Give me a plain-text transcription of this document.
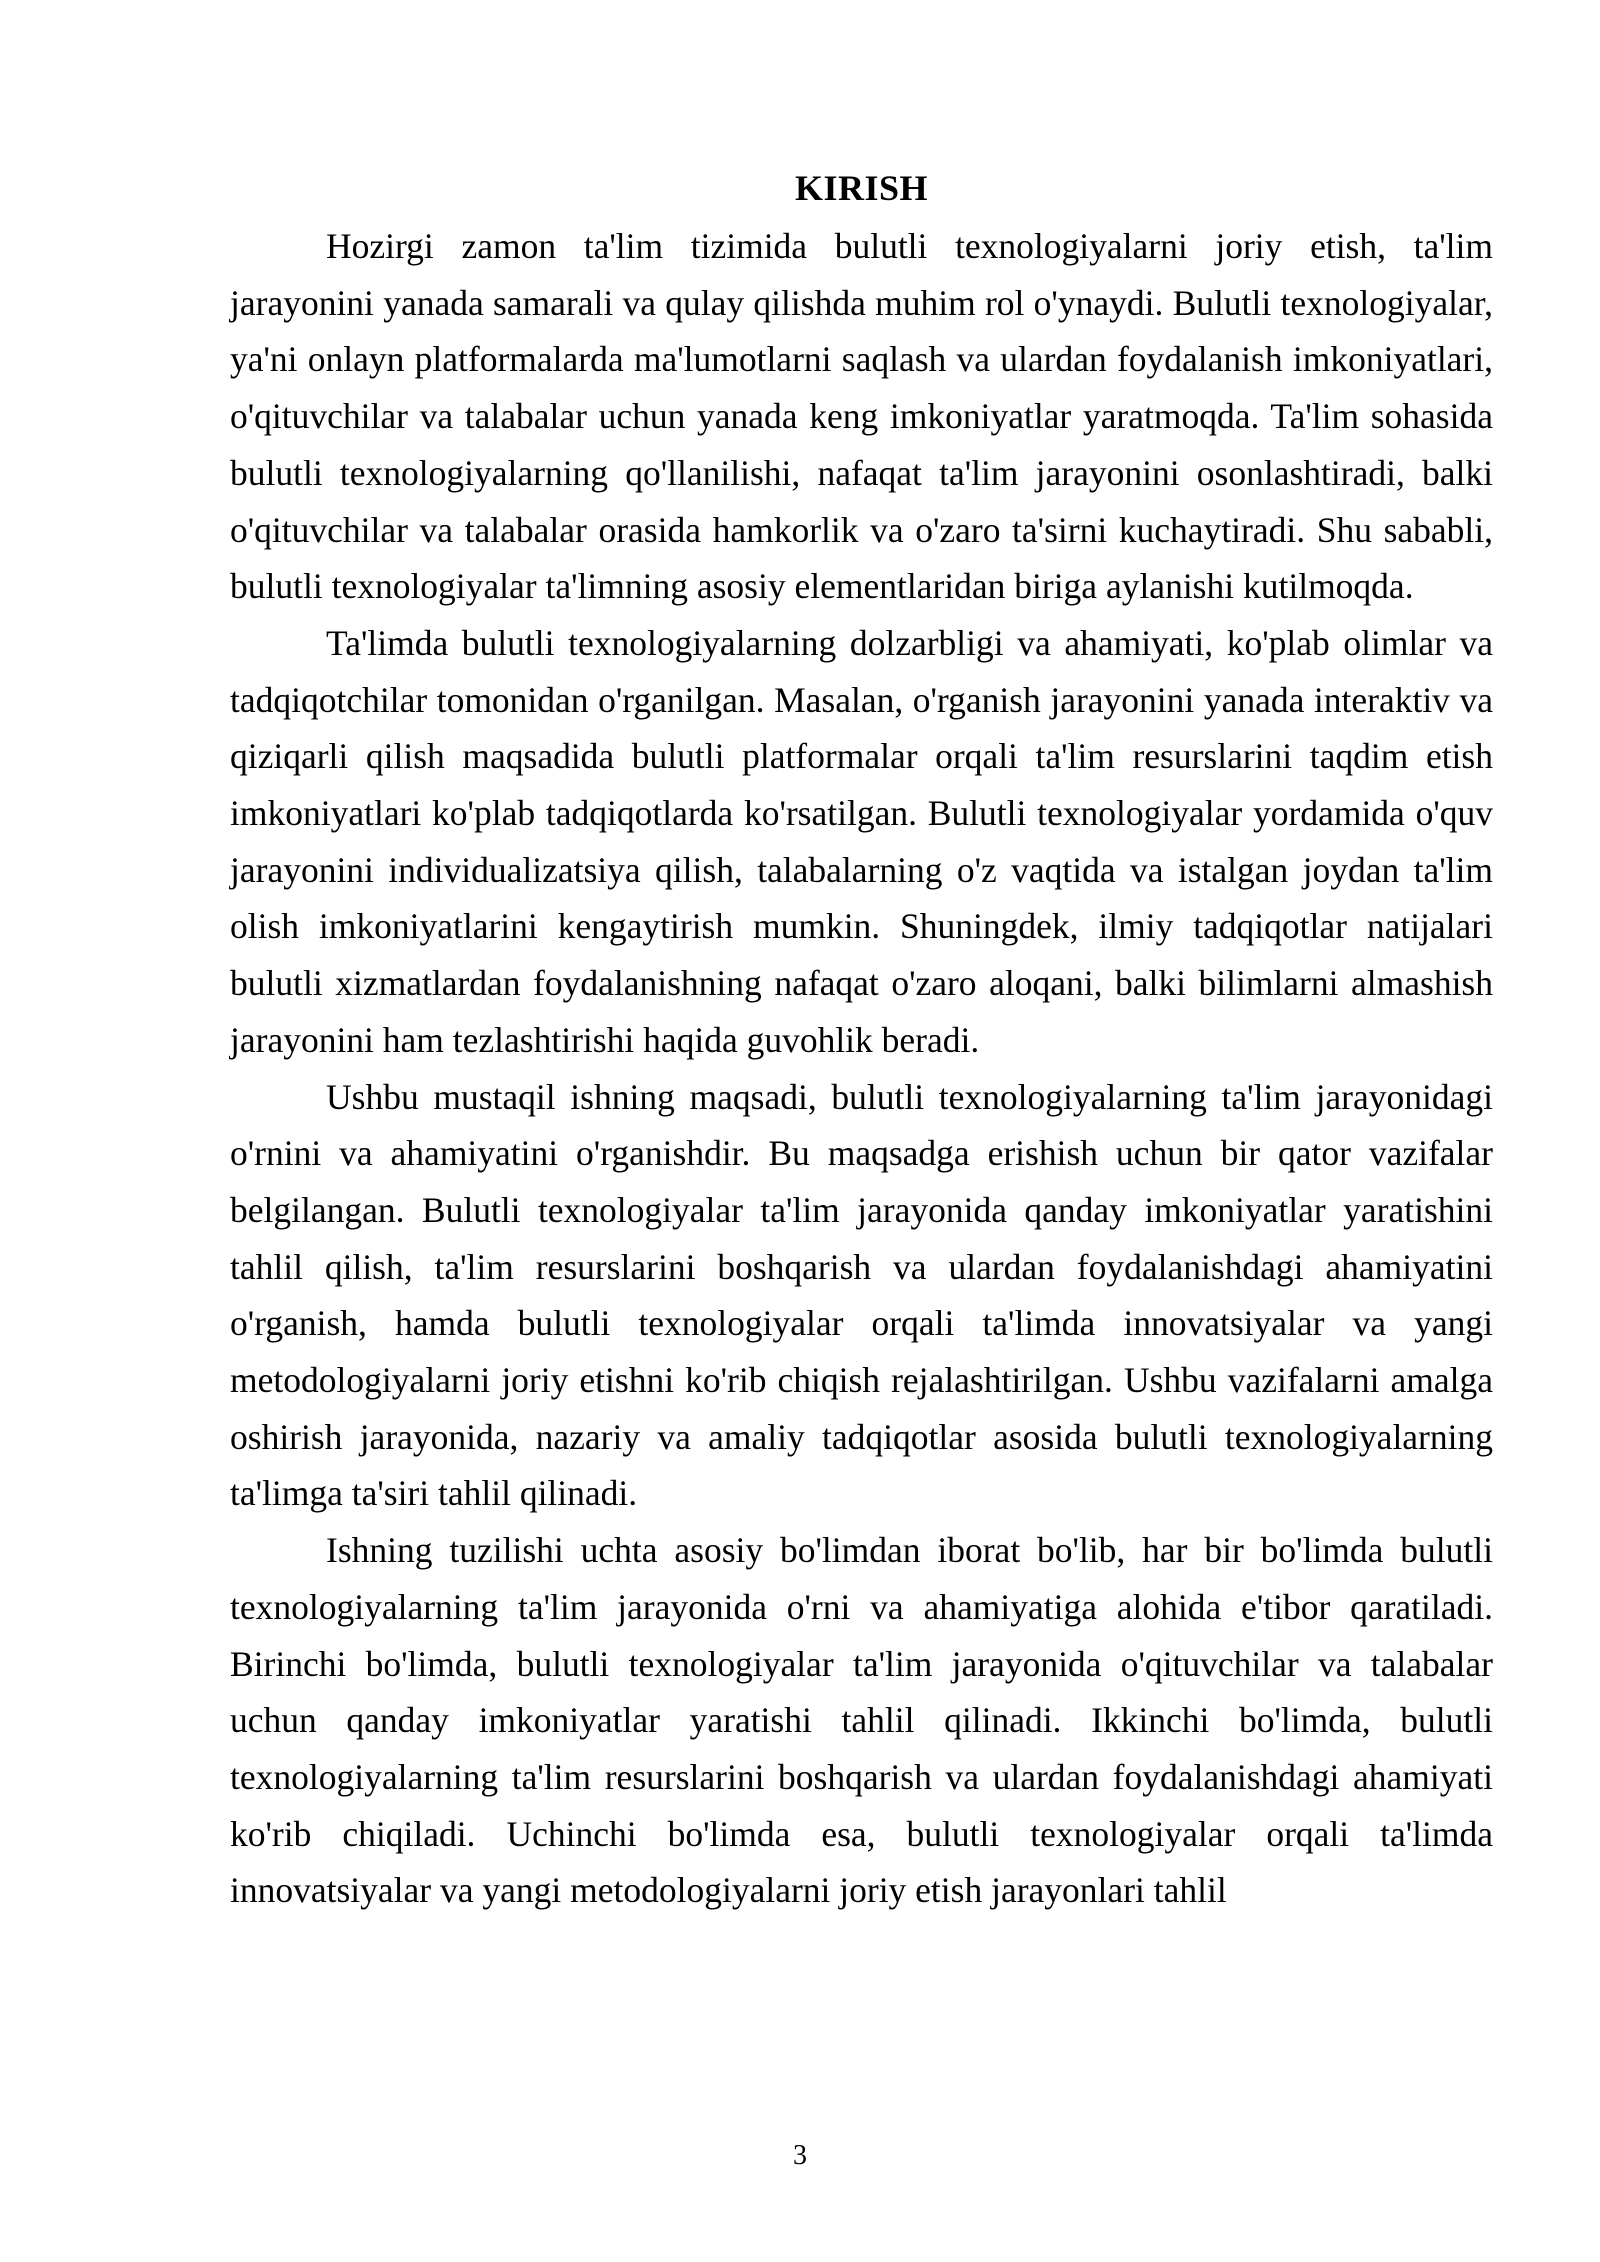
KIRISH

Hozirgi zamon ta'lim tizimida bulutli texnologiyalarni joriy etish, ta'lim jarayonini yanada samarali va qulay qilishda muhim rol o'ynaydi. Bulutli texnologiyalar, ya'ni onlayn platformalarda ma'lumotlarni saqlash va ulardan foydalanish imkoniyatlari, o'qituvchilar va talabalar uchun yanada keng imkoniyatlar yaratmoqda. Ta'lim sohasida bulutli texnologiyalarning qo'llanilishi, nafaqat ta'lim jarayonini osonlashtiradi, balki o'qituvchilar va talabalar orasida hamkorlik va o'zaro ta'sirni kuchaytiradi. Shu sababli, bulutli texnologiyalar ta'limning asosiy elementlaridan biriga aylanishi kutilmoqda.

Ta'limda bulutli texnologiyalarning dolzarbligi va ahamiyati, ko'plab olimlar va tadqiqotchilar tomonidan o'rganilgan. Masalan, o'rganish jarayonini yanada interaktiv va qiziqarli qilish maqsadida bulutli platformalar orqali ta'lim resurslarini taqdim etish imkoniyatlari ko'plab tadqiqotlarda ko'rsatilgan. Bulutli texnologiyalar yordamida o'quv jarayonini individualizatsiya qilish, talabalarning o'z vaqtida va istalgan joydan ta'lim olish imkoniyatlarini kengaytirish mumkin. Shuningdek, ilmiy tadqiqotlar natijalari bulutli xizmatlardan foydalanishning nafaqat o'zaro aloqani, balki bilimlarni almashish jarayonini ham tezlashtirishi haqida guvohlik beradi.

Ushbu mustaqil ishning maqsadi, bulutli texnologiyalarning ta'lim jarayonidagi o'rnini va ahamiyatini o'rganishdir. Bu maqsadga erishish uchun bir qator vazifalar belgilangan. Bulutli texnologiyalar ta'lim jarayonida qanday imkoniyatlar yaratishini tahlil qilish, ta'lim resurslarini boshqarish va ulardan foydalanishdagi ahamiyatini o'rganish, hamda bulutli texnologiyalar orqali ta'limda innovatsiyalar va yangi metodologiyalarni joriy etishni ko'rib chiqish rejalashtirilgan. Ushbu vazifalarni amalga oshirish jarayonida, nazariy va amaliy tadqiqotlar asosida bulutli texnologiyalarning ta'limga ta'siri tahlil qilinadi.

Ishning tuzilishi uchta asosiy bo'limdan iborat bo'lib, har bir bo'limda bulutli texnologiyalarning ta'lim jarayonida o'rni va ahamiyatiga alohida e'tibor qaratiladi. Birinchi bo'limda, bulutli texnologiyalar ta'lim jarayonida o'qituvchilar va talabalar uchun qanday imkoniyatlar yaratishi tahlil qilinadi. Ikkinchi bo'limda, bulutli texnologiyalarning ta'lim resurslarini boshqarish va ulardan foydalanishdagi ahamiyati ko'rib chiqiladi. Uchinchi bo'limda esa, bulutli texnologiyalar orqali ta'limda innovatsiyalar va yangi metodologiyalarni joriy etish jarayonlari tahlil

3
